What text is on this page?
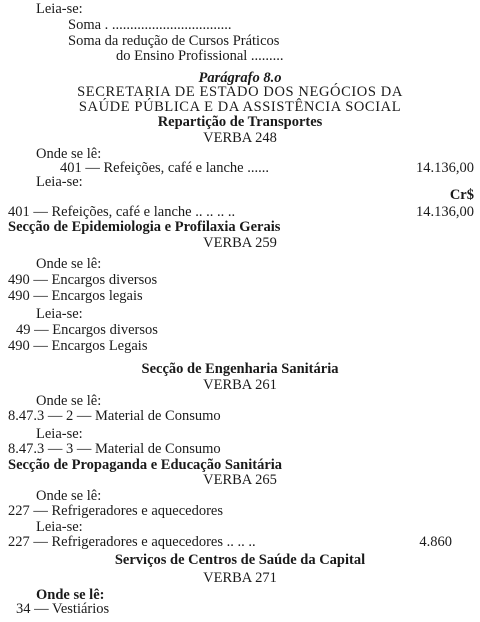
Leia-se:
Soma . .................................
Soma da redução de Cursos Práticos
do Ensino Profissional .........
Parágrafo 8.o
SECRETARIA DE ESTADO DOS NEGÓCIOS DA
SAÚDE PÚBLICA E DA ASSISTÊNCIA SOCIAL
Repartição de Transportes
VERBA 248
Onde se lê:
401 — Refeições, café e lanche ......	14.136,00
Leia-se:
Cr$
401 — Refeições, café e lanche .. .. .. ..	14.136,00
Secção de Epidemiologia e Profilaxia Gerais
VERBA 259
Onde se lê:
490 — Encargos diversos
490 — Encargos legais
Leia-se:
49 — Encargos diversos
490 — Encargos Legais
Secção de Engenharia Sanitária
VERBA 261
Onde se lê:
8.47.3 — 2 — Material de Consumo
Leia-se:
8.47.3 — 3 — Material de Consumo
Secção de Propaganda e Educação Sanitária
VERBA 265
Onde se lê:
227 — Refrigeradores e aquecedores
Leia-se:
227 — Refrigeradores e aquecedores .. .. ..	4.860
Serviços de Centros de Saúde da Capital
VERBA 271
Onde se lê:
34 — Vestiários
